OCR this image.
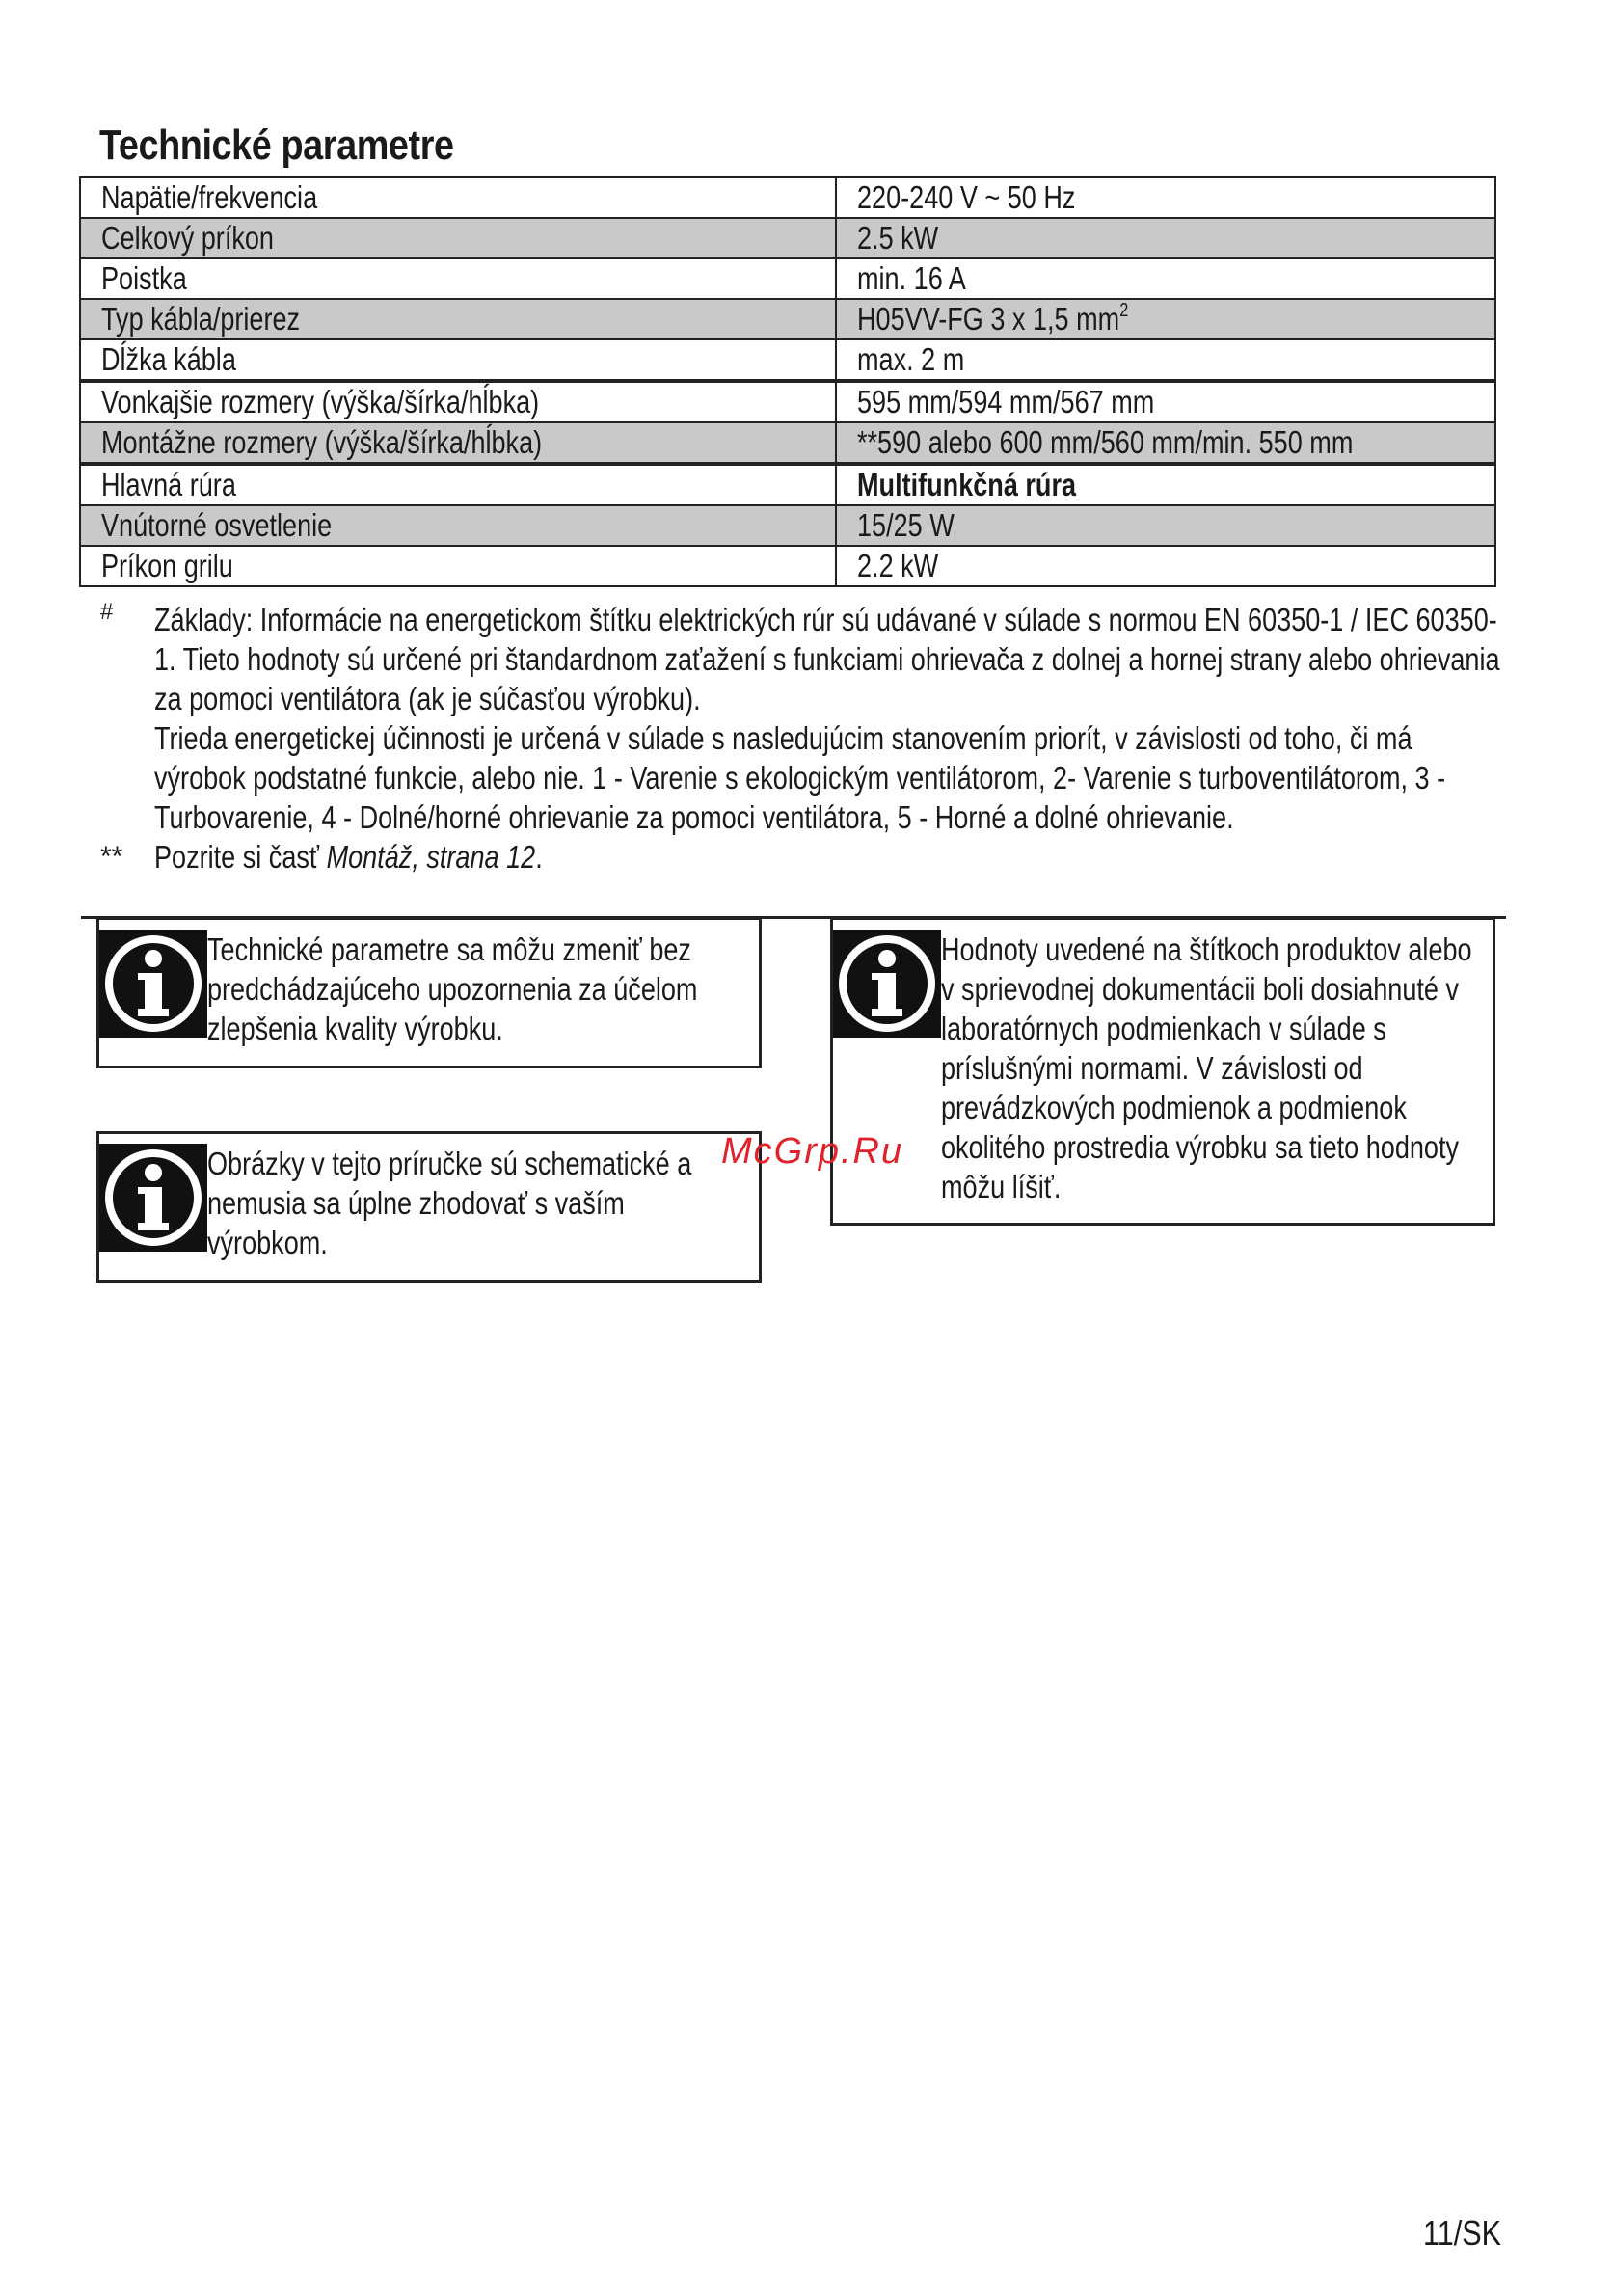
Technické parametre
Napätie/frekvencia	220-240 V ~ 50 Hz
Celkový príkon	2.5 kW
Poistka	min. 16 A
Typ kábla/prierez	H05VV-FG 3 x 1,5 $mm^2$
Dĺžka kábla	max. 2 m
Vonkajšie rozmery (výška/šírka/hĺbka)	595 mm/594 mm/567 mm
Montážne rozmery (výška/šírka/hĺbka)	**590 alebo 600 mm/560 mm/min. 550 mm
Hlavná rúra	Multifunkčná rúra
Vnútorné osvetlenie	15/25 W
Príkon grilu	2.2 kW
# Základy: Informácie na energetickom štítku elektrických rúr sú udávané v súlade s normou EN 60350-1 / IEC 60350-1. Tieto hodnoty sú určené pri štandardnom zaťažení s funkciami ohrievača z dolnej a hornej strany alebo ohrievania za pomoci ventilátora (ak je súčasťou výrobku).

Trieda energetickej účinnosti je určená v súlade s nasledujúcim stanovením priorít, v závislosti od toho, či má výrobok podstatné funkcie, alebo nie. 1 - Varenie s ekologickým ventilátorom, 2- Varenie s turboventilátorom, 3 - Turbovarenie, 4 - Dolné/horné ohrievanie za pomoci ventilátora, 5 - Horné a dolné ohrievanie.

** Pozrite si časť Montáž, strana 12.

Technické parametre sa môžu zmeniť bez predchádzajúceho upozornenia za účelom zlepšenia kvality výrobku.

Obrázky v tejto príručke sú schematické a nemusia sa úplne zhodovať s vaším výrobkom.

Hodnoty uvedené na štítkoch produktov alebo v sprievodnej dokumentácii boli dosiahnuté v laboratórnych podmienkach v súlade s príslušnými normami. V závislosti od prevádzkových podmienok a podmienok okolitého prostredia výrobku sa tieto hodnoty môžu líšiť.

McGrp.Ru
11/SK
